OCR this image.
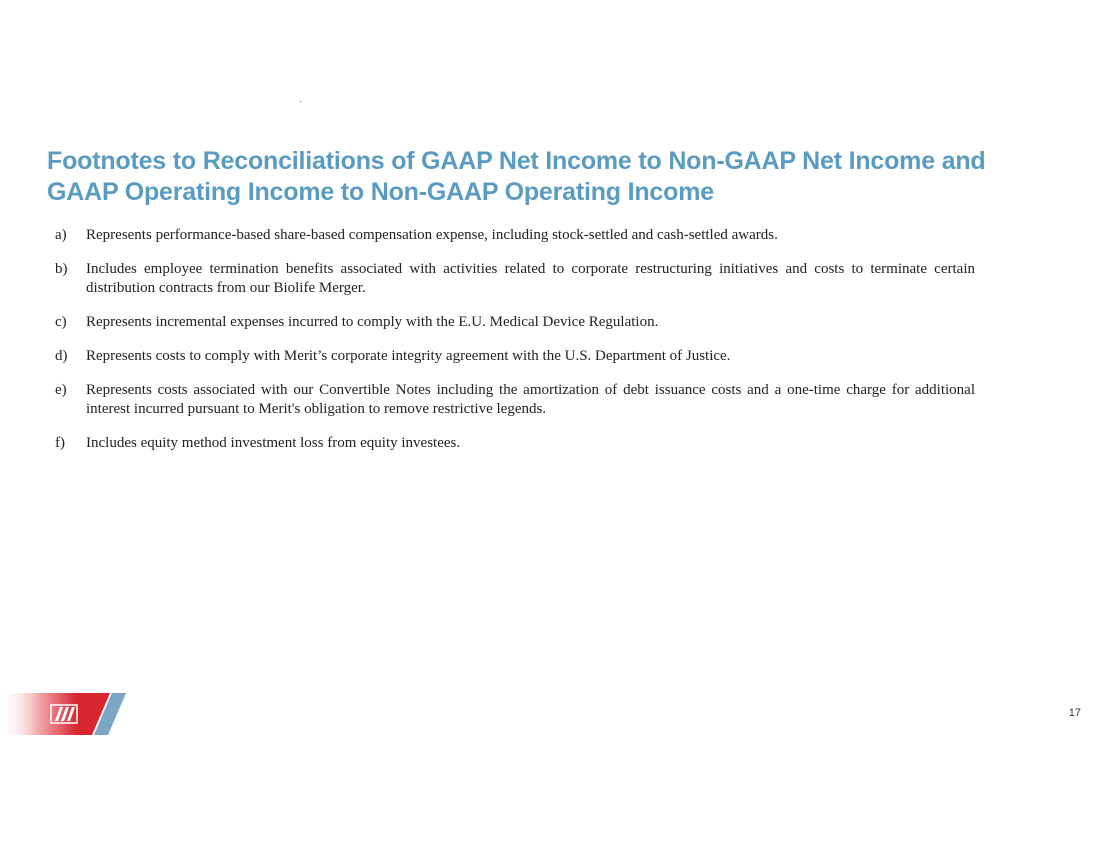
Footnotes to Reconciliations of GAAP Net Income to Non-GAAP Net Income and GAAP Operating Income to Non-GAAP Operating Income
a)	Represents performance-based share-based compensation expense, including stock-settled and cash-settled awards.
b)	Includes employee termination benefits associated with activities related to corporate restructuring initiatives and costs to terminate certain distribution contracts from our Biolife Merger.
c)	Represents incremental expenses incurred to comply with the E.U. Medical Device Regulation.
d)	Represents costs to comply with Merit’s corporate integrity agreement with the U.S. Department of Justice.
e)	Represents costs associated with our Convertible Notes including the amortization of debt issuance costs and a one-time charge for additional interest incurred pursuant to Merit's obligation to remove restrictive legends.
f)	Includes equity method investment loss from equity investees.
17
